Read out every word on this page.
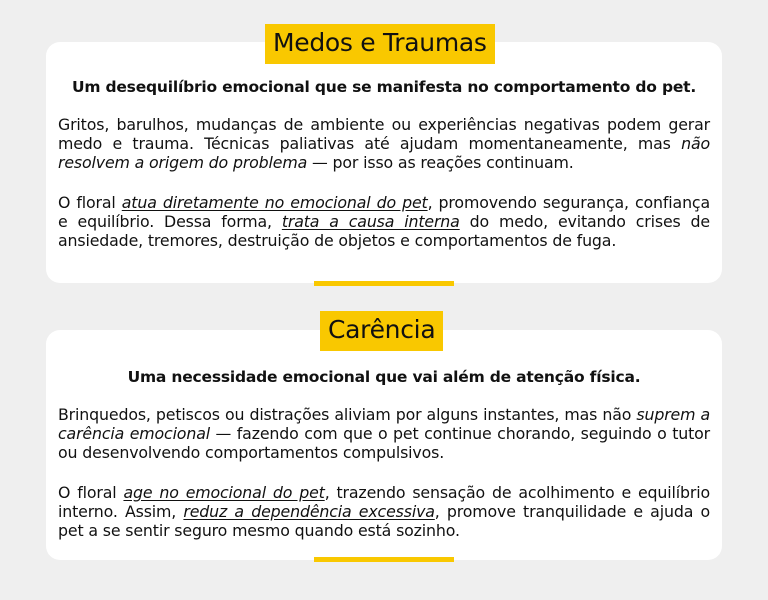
Um desequilíbrio emocional que se manifesta no comportamento do pet.

Gritos, barulhos, mudanças de ambiente ou experiências negativas podem gerar medo e trauma. Técnicas paliativas até ajudam momentaneamente, mas não resolvem a origem do problema — por isso as reações continuam.

O floral atua diretamente no emocional do pet, promovendo segurança, confiança e equilíbrio. Dessa forma, trata a causa interna do medo, evitando crises de ansiedade, tremores, destruição de objetos e comportamentos de fuga.

Medos e Traumas

Uma necessidade emocional que vai além de atenção física.

Brinquedos, petiscos ou distrações aliviam por alguns instantes, mas não suprem a carência emocional — fazendo com que o pet continue chorando, seguindo o tutor ou desenvolvendo comportamentos compulsivos.

O floral age no emocional do pet, trazendo sensação de acolhimento e equilíbrio interno. Assim, reduz a dependência excessiva, promove tranquilidade e ajuda o pet a se sentir seguro mesmo quando está sozinho.

Carência
